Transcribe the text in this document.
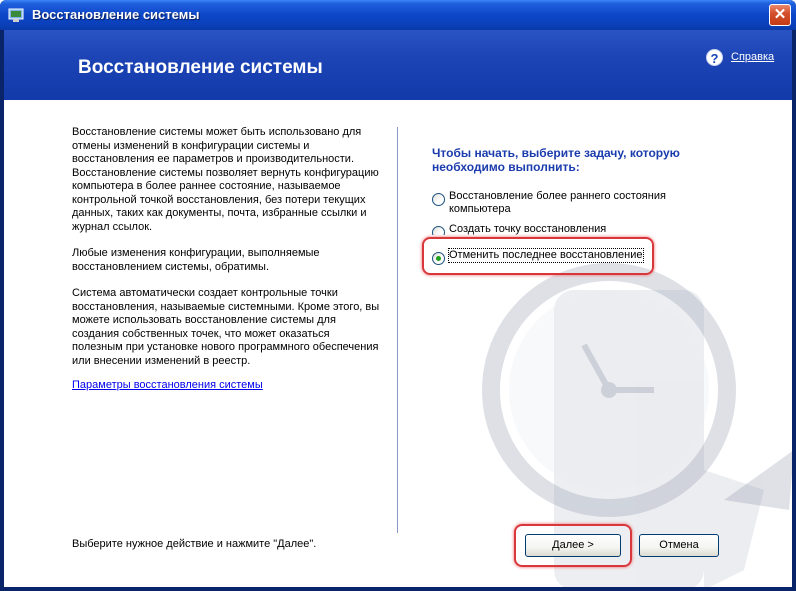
Восстановление системы	✕
Восстановление системы	?	Справка

Восстановление системы может быть использовано для отмены изменений в конфигурации системы и восстановления ее параметров и производительности. Восстановление системы позволяет вернуть конфигурацию компьютера в более раннее состояние, называемое контрольной точкой восстановления, без потери текущих данных, таких как документы, почта, избранные ссылки и журнал ссылок.

Любые изменения конфигурации, выполняемые восстановлением системы, обратимы.

Система автоматически создает контрольные точки восстановления, называемые системными. Кроме этого, вы можете использовать восстановление системы для создания собственных точек, что может оказаться полезным при установке нового программного обеспечения или внесении изменений в реестр.

Параметры восстановления системы
Выберите нужное действие и нажмите "Далее".
Чтобы начать, выберите задачу, которую необходимо выполнить:
Восстановление более раннего состояния компьютера
Создать точку восстановления
Отменить последнее восстановление
Далее >	Отмена
